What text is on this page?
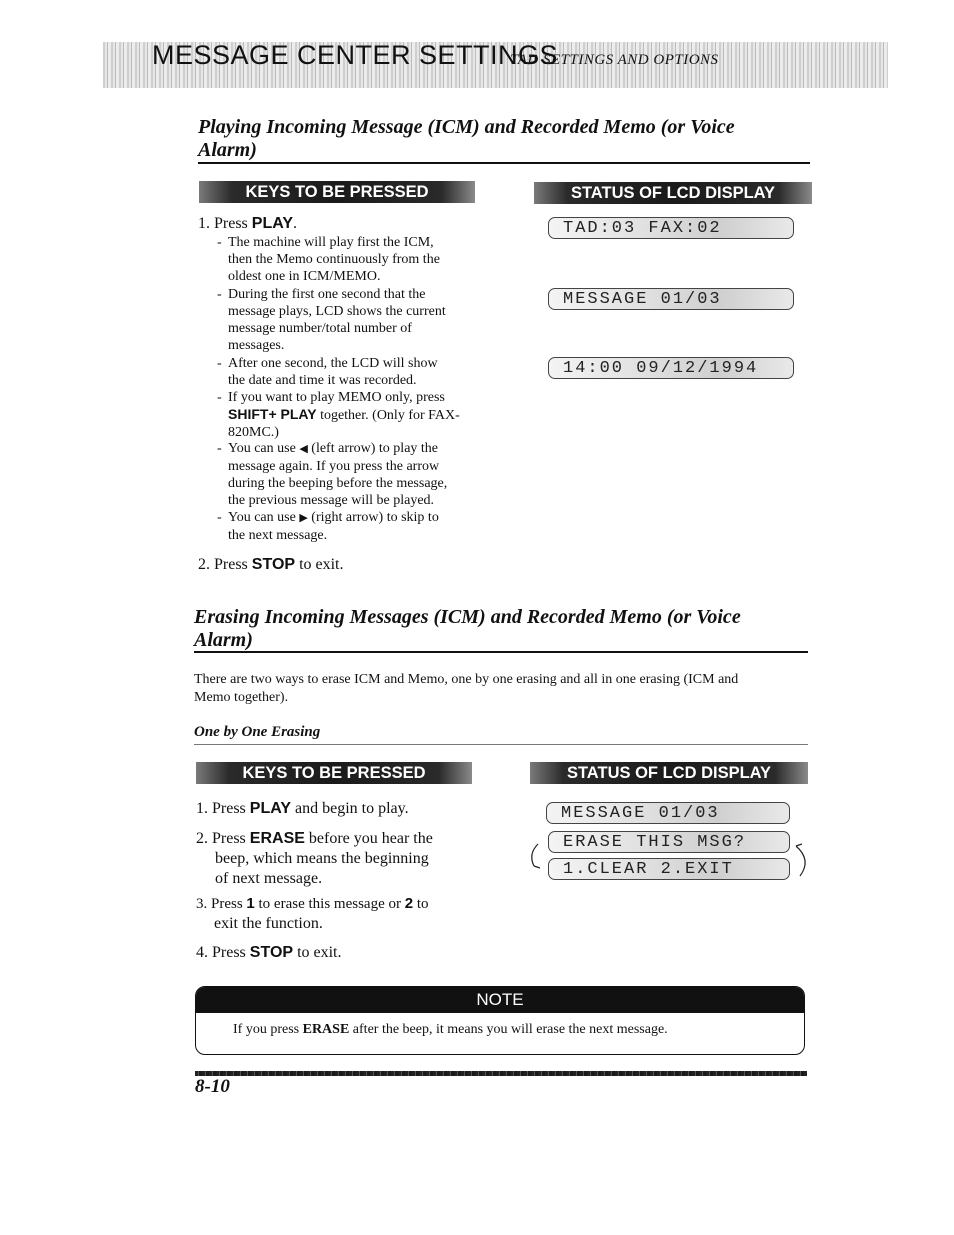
MESSAGE CENTER SETTINGS
TAD SETTINGS AND OPTIONS
Playing Incoming Message (ICM) and Recorded Memo (or Voice
Alarm)
KEYS TO BE PRESSED	STATUS OF LCD DISPLAY
1. Press PLAY.
- The machine will play first the ICM,
then the Memo continuously from the
oldest one in ICM/MEMO.
- During the first one second that the
message plays, LCD shows the current
message number/total number of
messages.
- After one second, the LCD will show
the date and time it was recorded.
- If you want to play MEMO only, press
SHIFT+ PLAY together. (Only for FAX-
820MC.)
- You can use ◀ (left arrow) to play the
message again. If you press the arrow
during the beeping before the message,
the previous message will be played.
- You can use ▶ (right arrow) to skip to
the next message.
2. Press STOP to exit.
TAD:03 FAX:02
MESSAGE 01/03
14:00 09/12/1994
Erasing Incoming Messages (ICM) and Recorded Memo (or Voice
Alarm)
There are two ways to erase ICM and Memo, one by one erasing and all in one erasing (ICM and
Memo together).
One by One Erasing
KEYS TO BE PRESSED	STATUS OF LCD DISPLAY
1. Press PLAY and begin to play.
2. Press ERASE before you hear the
beep, which means the beginning
of next message.
3. Press 1 to erase this message or 2 to
exit the function.
4. Press STOP to exit.
MESSAGE 01/03
ERASE THIS MSG?
1.CLEAR 2.EXIT
NOTE
If you press ERASE after the beep, it means you will erase the next message.
8-10
